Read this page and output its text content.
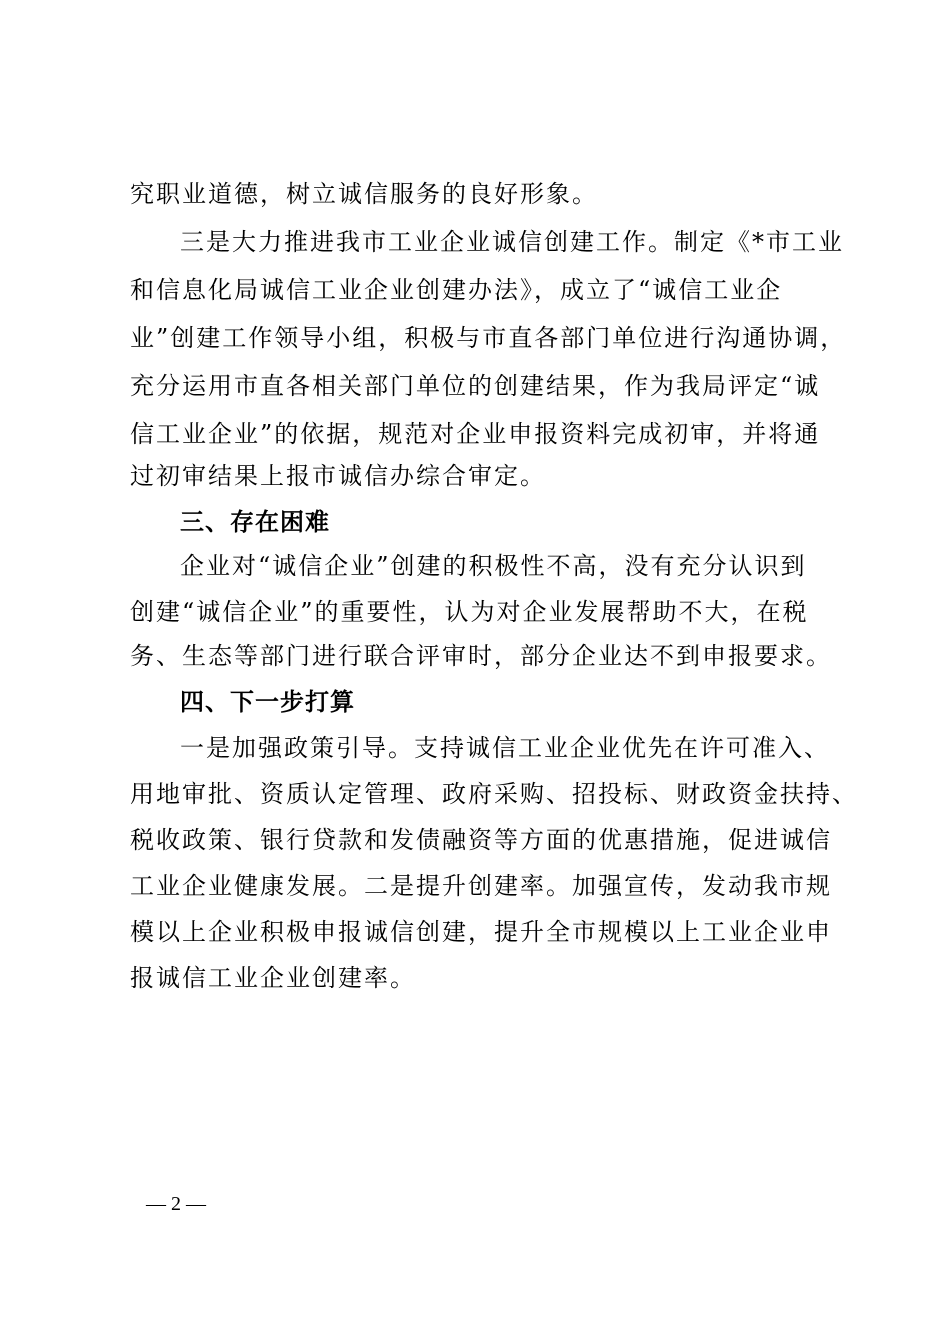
究职业道德，树立诚信服务的良好形象。
三是大力推进我市工业企业诚信创建工作。制定《*市工业
和信息化局诚信工业企业创建办法》，成立了“诚信工业企
业”创建工作领导小组，积极与市直各部门单位进行沟通协调，
充分运用市直各相关部门单位的创建结果，作为我局评定“诚
信工业企业”的依据，规范对企业申报资料完成初审，并将通
过初审结果上报市诚信办综合审定。
三、存在困难
企业对“诚信企业”创建的积极性不高，没有充分认识到
创建“诚信企业”的重要性，认为对企业发展帮助不大，在税
务、生态等部门进行联合评审时，部分企业达不到申报要求。
四、下一步打算
一是加强政策引导。支持诚信工业企业优先在许可准入、
用地审批、资质认定管理、政府采购、招投标、财政资金扶持、
税收政策、银行贷款和发债融资等方面的优惠措施，促进诚信
工业企业健康发展。二是提升创建率。加强宣传，发动我市规
模以上企业积极申报诚信创建，提升全市规模以上工业企业申
报诚信工业企业创建率。
— 2 —
